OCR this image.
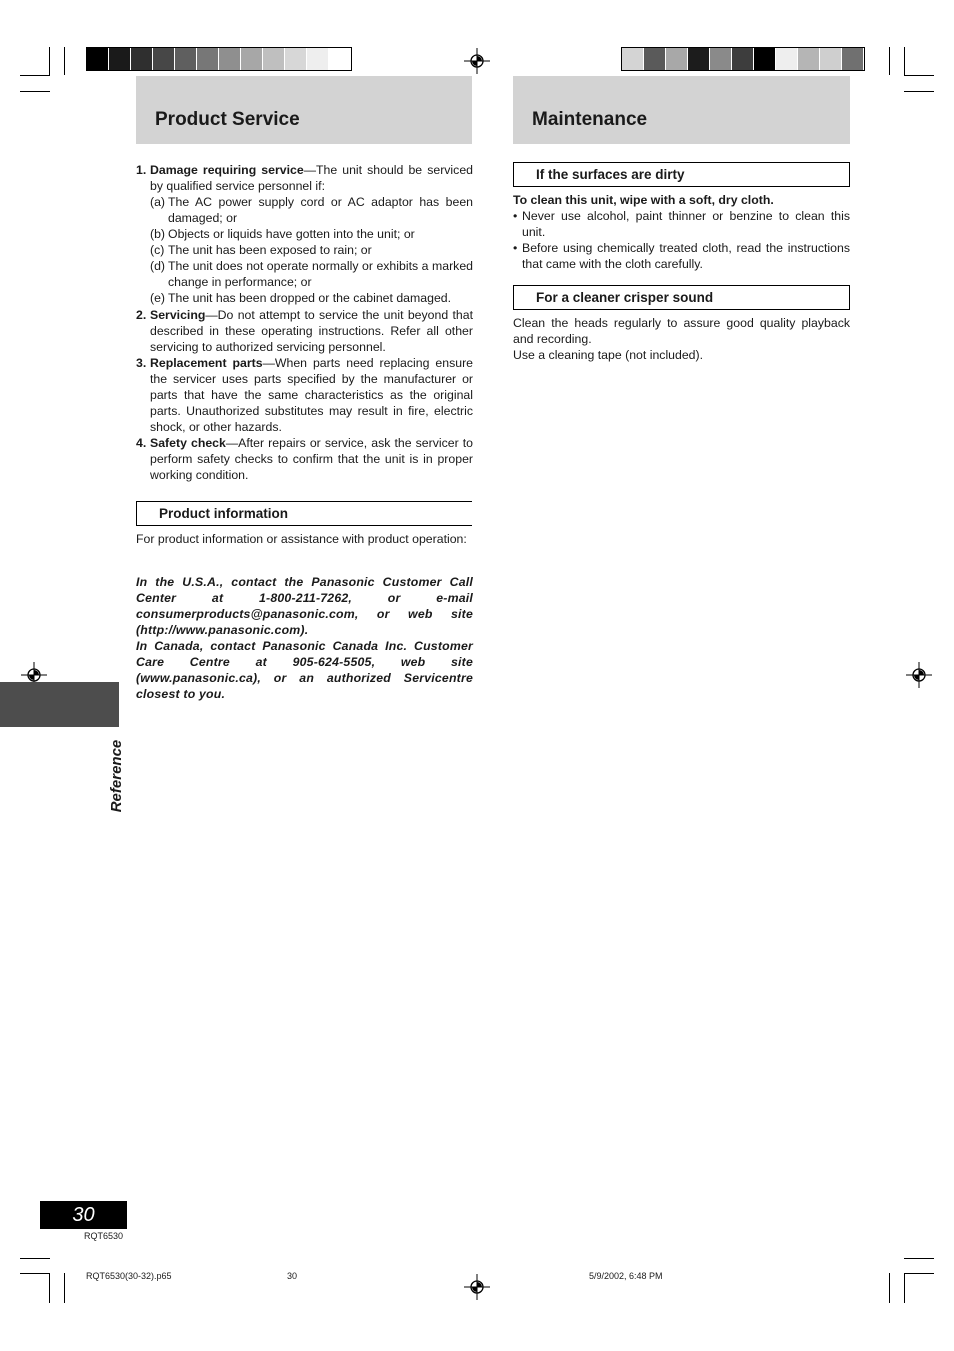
Product Service
1. Damage requiring service—The unit should be serviced by qualified service personnel if:
(a) The AC power supply cord or AC adaptor has been damaged; or
(b) Objects or liquids have gotten into the unit; or
(c) The unit has been exposed to rain; or
(d) The unit does not operate normally or exhibits a marked change in performance; or
(e) The unit has been dropped or the cabinet damaged.
2. Servicing—Do not attempt to service the unit beyond that described in these operating instructions. Refer all other servicing to authorized servicing personnel.
3. Replacement parts—When parts need replacing ensure the servicer uses parts specified by the manufacturer or parts that have the same characteristics as the original parts. Unauthorized substitutes may result in fire, electric shock, or other hazards.
4. Safety check—After repairs or service, ask the servicer to perform safety checks to confirm that the unit is in proper working condition.
Product information
For product information or assistance with product operation:
In the U.S.A., contact the Panasonic Customer Call Center at 1-800-211-7262, or e-mail consumerproducts@panasonic.com, or web site (http://www.panasonic.com).
In Canada, contact Panasonic Canada Inc. Customer Care Centre at 905-624-5505, web site (www.panasonic.ca), or an authorized Servicentre closest to you.
Reference
Maintenance
If the surfaces are dirty
To clean this unit, wipe with a soft, dry cloth.
• Never use alcohol, paint thinner or benzine to clean this unit.
• Before using chemically treated cloth, read the instructions that came with the cloth carefully.
For a cleaner crisper sound
Clean the heads regularly to assure good quality playback and recording.
Use a cleaning tape (not included).
30
RQT6530
RQT6530(30-32).p65	30	5/9/2002, 6:48 PM
